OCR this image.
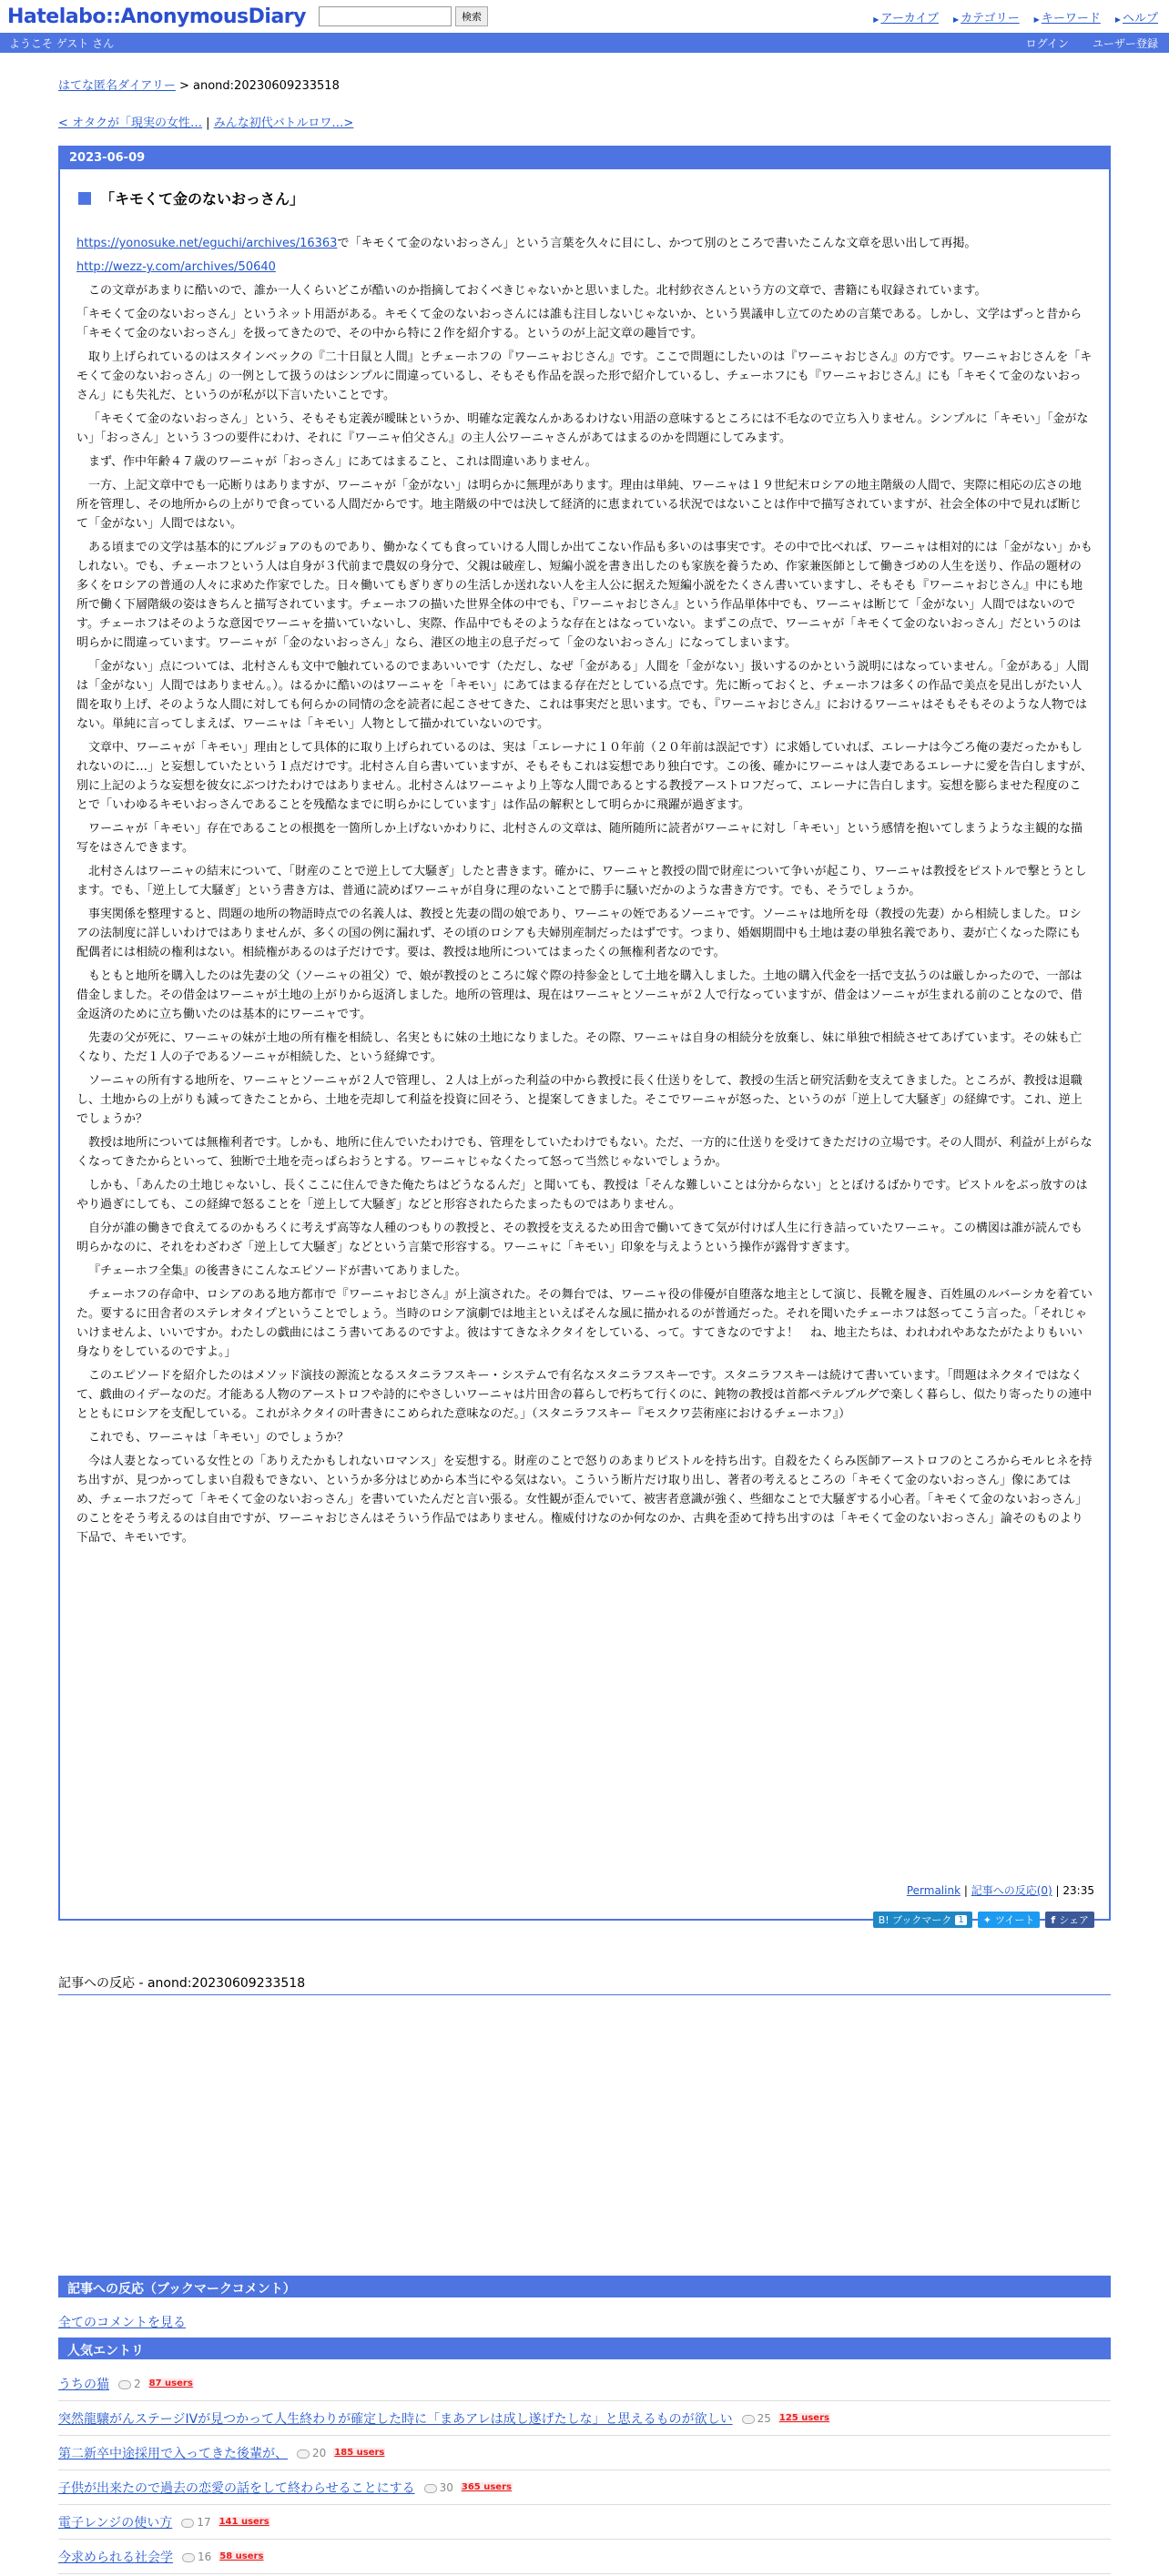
Hatelabo::AnonymousDiary	検索	▶ アーカイブ ▶ カテゴリー ▶ キーワード ▶ ヘルプ
ようこそ ゲスト さん	ログイン ユーザー登録
はてな匿名ダイアリー > anond:20230609233518
< オタクが「現実の女性… | みんな初代バトルロワ…>
2023-06-09
「キモくて金のないおっさん」

https://yonosuke.net/eguchi/archives/16363で「キモくて金のないおっさん」という言葉を久々に目にし、かつて別のところで書いたこんな文章を思い出して再掲。

http://wezz-y.com/archives/50640

この文章があまりに酷いので、誰か一人くらいどこが酷いのか指摘しておくべきじゃないかと思いました。北村紗衣さんという方の文章で、書籍にも収録されています。

「キモくて金のないおっさん」というネット用語がある。キモくて金のないおっさんには誰も注目しないじゃないか、という異議申し立てのための言葉である。しかし、文学はずっと昔から「キモくて金のないおっさん」を扱ってきたので、その中から特に２作を紹介する。というのが上記文章の趣旨です。

取り上げられているのはスタインベックの『二十日鼠と人間』とチェーホフの『ワーニャおじさん』です。ここで問題にしたいのは『ワーニャおじさん』の方です。ワーニャおじさんを「キモくて金のないおっさん」の一例として扱うのはシンプルに間違っているし、そもそも作品を誤った形で紹介しているし、チェーホフにも『ワーニャおじさん』にも「キモくて金のないおっさん」にも失礼だ、というのが私が以下言いたいことです。

「キモくて金のないおっさん」という、そもそも定義が曖昧というか、明確な定義なんかあるわけない用語の意味するところには不毛なので立ち入りません。シンプルに「キモい」「金がない」「おっさん」という３つの要件にわけ、それに『ワーニャ伯父さん』の主人公ワーニャさんがあてはまるのかを問題にしてみます。

まず、作中年齢４７歳のワーニャが「おっさん」にあてはまること、これは間違いありません。

一方、上記文章中でも一応断りはありますが、ワーニャが「金がない」は明らかに無理があります。理由は単純、ワーニャは１９世紀末ロシアの地主階級の人間で、実際に相応の広さの地所を管理し、その地所からの上がりで食っている人間だからです。地主階級の中では決して経済的に恵まれている状況ではないことは作中で描写されていますが、社会全体の中で見れば断じて「金がない」人間ではない。

ある頃までの文学は基本的にブルジョアのものであり、働かなくても食っていける人間しか出てこない作品も多いのは事実です。その中で比べれば、ワーニャは相対的には「金がない」かもしれない。でも、チェーホフという人は自身が３代前まで農奴の身分で、父親は破産し、短編小説を書き出したのも家族を養うため、作家兼医師として働きづめの人生を送り、作品の題材の多くをロシアの普通の人々に求めた作家でした。日々働いてもぎりぎりの生活しか送れない人を主人公に据えた短編小説をたくさん書いていますし、そもそも『ワーニャおじさん』中にも地所で働く下層階級の姿はきちんと描写されています。チェーホフの描いた世界全体の中でも、『ワーニャおじさん』という作品単体中でも、ワーニャは断じて「金がない」人間ではないのです。チェーホフはそのような意図でワーニャを描いていないし、実際、作品中でもそのような存在とはなっていない。まずこの点で、ワーニャが「キモくて金のないおっさん」だというのは明らかに間違っています。ワーニャが「金のないおっさん」なら、港区の地主の息子だって「金のないおっさん」になってしまいます。

「金がない」点については、北村さんも文中で触れているのでまあいいです（ただし、なぜ「金がある」人間を「金がない」扱いするのかという説明にはなっていません。「金がある」人間は「金がない」人間ではありません。）。はるかに酷いのはワーニャを「キモい」にあてはまる存在だとしている点です。先に断っておくと、チェーホフは多くの作品で美点を見出しがたい人間を取り上げ、そのような人間に対しても何らかの同情の念を読者に起こさせてきた、これは事実だと思います。でも、『ワーニャおじさん』におけるワーニャはそもそもそのような人物ではない。単純に言ってしまえば、ワーニャは「キモい」人物として描かれていないのです。

文章中、ワーニャが「キモい」理由として具体的に取り上げられているのは、実は「エレーナに１０年前（２０年前は誤記です）に求婚していれば、エレーナは今ごろ俺の妻だったかもしれないのに…」と妄想していたという１点だけです。北村さん自ら書いていますが、そもそもこれは妄想であり独白です。この後、確かにワーニャは人妻であるエレーナに愛を告白しますが、別に上記のような妄想を彼女にぶつけたわけではありません。北村さんはワーニャより上等な人間であるとする教授アーストロフだって、エレーナに告白します。妄想を膨らませた程度のことで「いわゆるキモいおっさんであることを残酷なまでに明らかにしています」は作品の解釈として明らかに飛躍が過ぎます。

ワーニャが「キモい」存在であることの根拠を一箇所しか上げないかわりに、北村さんの文章は、随所随所に読者がワーニャに対し「キモい」という感情を抱いてしまうような主観的な描写をはさんできます。

北村さんはワーニャの結末について、「財産のことで逆上して大騒ぎ」したと書きます。確かに、ワーニャと教授の間で財産について争いが起こり、ワーニャは教授をピストルで撃とうとします。でも、「逆上して大騒ぎ」という書き方は、普通に読めばワーニャが自身に理のないことで勝手に騒いだかのような書き方です。でも、そうでしょうか。

事実関係を整理すると、問題の地所の物語時点での名義人は、教授と先妻の間の娘であり、ワーニャの姪であるソーニャです。ソーニャは地所を母（教授の先妻）から相続しました。ロシアの法制度に詳しいわけではありませんが、多くの国の例に漏れず、その頃のロシアも夫婦別産制だったはずです。つまり、婚姻期間中も土地は妻の単独名義であり、妻が亡くなった際にも配偶者には相続の権利はない。相続権があるのは子だけです。要は、教授は地所についてはまったくの無権利者なのです。

もともと地所を購入したのは先妻の父（ソーニャの祖父）で、娘が教授のところに嫁ぐ際の持参金として土地を購入しました。土地の購入代金を一括で支払うのは厳しかったので、一部は借金しました。その借金はワーニャが土地の上がりから返済しました。地所の管理は、現在はワーニャとソーニャが２人で行なっていますが、借金はソーニャが生まれる前のことなので、借金返済のために立ち働いたのは基本的にワーニャです。

先妻の父が死に、ワーニャの妹が土地の所有権を相続し、名実ともに妹の土地になりました。その際、ワーニャは自身の相続分を放棄し、妹に単独で相続させてあげています。その妹も亡くなり、ただ１人の子であるソーニャが相続した、という経緯です。

ソーニャの所有する地所を、ワーニャとソーニャが２人で管理し、２人は上がった利益の中から教授に長く仕送りをして、教授の生活と研究活動を支えてきました。ところが、教授は退職し、土地からの上がりも減ってきたことから、土地を売却して利益を投資に回そう、と提案してきました。そこでワーニャが怒った、というのが「逆上して大騒ぎ」の経緯です。これ、逆上でしょうか？

教授は地所については無権利者です。しかも、地所に住んでいたわけでも、管理をしていたわけでもない。ただ、一方的に仕送りを受けてきただけの立場です。その人間が、利益が上がらなくなってきたからといって、独断で土地を売っぱらおうとする。ワーニャじゃなくたって怒って当然じゃないでしょうか。

しかも、「あんたの土地じゃないし、長くここに住んできた俺たちはどうなるんだ」と聞いても、教授は「そんな難しいことは分からない」ととぼけるばかりです。ピストルをぶっ放すのはやり過ぎにしても、この経緯で怒ることを「逆上して大騒ぎ」などと形容されたらたまったものではありません。

自分が誰の働きで食えてるのかもろくに考えず高等な人種のつもりの教授と、その教授を支えるため田舎で働いてきて気が付けば人生に行き詰っていたワーニャ。この構図は誰が読んでも明らかなのに、それをわざわざ「逆上して大騒ぎ」などという言葉で形容する。ワーニャに「キモい」印象を与えようという操作が露骨すぎます。

『チェーホフ全集』の後書きにこんなエピソードが書いてありました。

チェーホフの存命中、ロシアのある地方都市で『ワーニャおじさん』が上演された。その舞台では、ワーニャ役の俳優が自堕落な地主として演じ、長靴を履き、百姓風のルバーシカを着ていた。要するに田舎者のステレオタイプということでしょう。当時のロシア演劇では地主といえばそんな風に描かれるのが普通だった。それを聞いたチェーホフは怒ってこう言った。「それじゃいけませんよ、いいですか。わたしの戯曲にはこう書いてあるのですよ。彼はすてきなネクタイをしている、って。すてきなのですよ！　ね、地主たちは、われわれやあなたがたよりもいい身なりをしているのですよ。」

このエピソードを紹介したのはメソッド演技の源流となるスタニラフスキー・システムで有名なスタニラフスキーです。スタニラフスキーは続けて書いています。「問題はネクタイではなくて、戯曲のイデーなのだ。才能ある人物のアーストロフや詩的にやさしいワーニャは片田舎の暮らしで朽ちて行くのに、鈍物の教授は首都ペテルブルグで楽しく暮らし、似たり寄ったりの連中とともにロシアを支配している。これがネクタイの叶書きにこめられた意味なのだ。」（スタニラフスキー『モスクワ芸術座におけるチェーホフ』）

これでも、ワーニャは「キモい」のでしょうか？

今は人妻となっている女性との「ありえたかもしれないロマンス」を妄想する。財産のことで怒りのあまりピストルを持ち出す。自殺をたくらみ医師アーストロフのところからモルヒネを持ち出すが、見つかってしまい自殺もできない、というか多分はじめから本当にやる気はない。こういう断片だけ取り出し、著者の考えるところの「キモくて金のないおっさん」像にあてはめ、チェーホフだって「キモくて金のないおっさん」を書いていたんだと言い張る。女性観が歪んでいて、被害者意識が強く、些細なことで大騒ぎする小心者。「キモくて金のないおっさん」のことをそう考えるのは自由ですが、ワーニャおじさんはそういう作品ではありません。権威付けなのか何なのか、古典を歪めて持ち出すのは「キモくて金のないおっさん」論そのものより下品で、キモいです。

Permalink | 記事への反応(0) | 23:35
B! ブックマーク 1 ✦ ツイート f シェア
記事への反応 - anond:20230609233518
記事への反応（ブックマークコメント）
全てのコメントを見る
人気エントリ
うちの猫 2 87 users
突然龍驤がんステージIVが見つかって人生終わりが確定した時に「まあアレは成し遂げたしな」と思えるものが欲しい 25 125 users
第二新卒中途採用で入ってきた後輩が、 20 185 users
子供が出来たので過去の恋愛の話をして終わらせることにする 30 365 users
電子レンジの使い方 17 141 users
今求められる社会学 16 58 users
